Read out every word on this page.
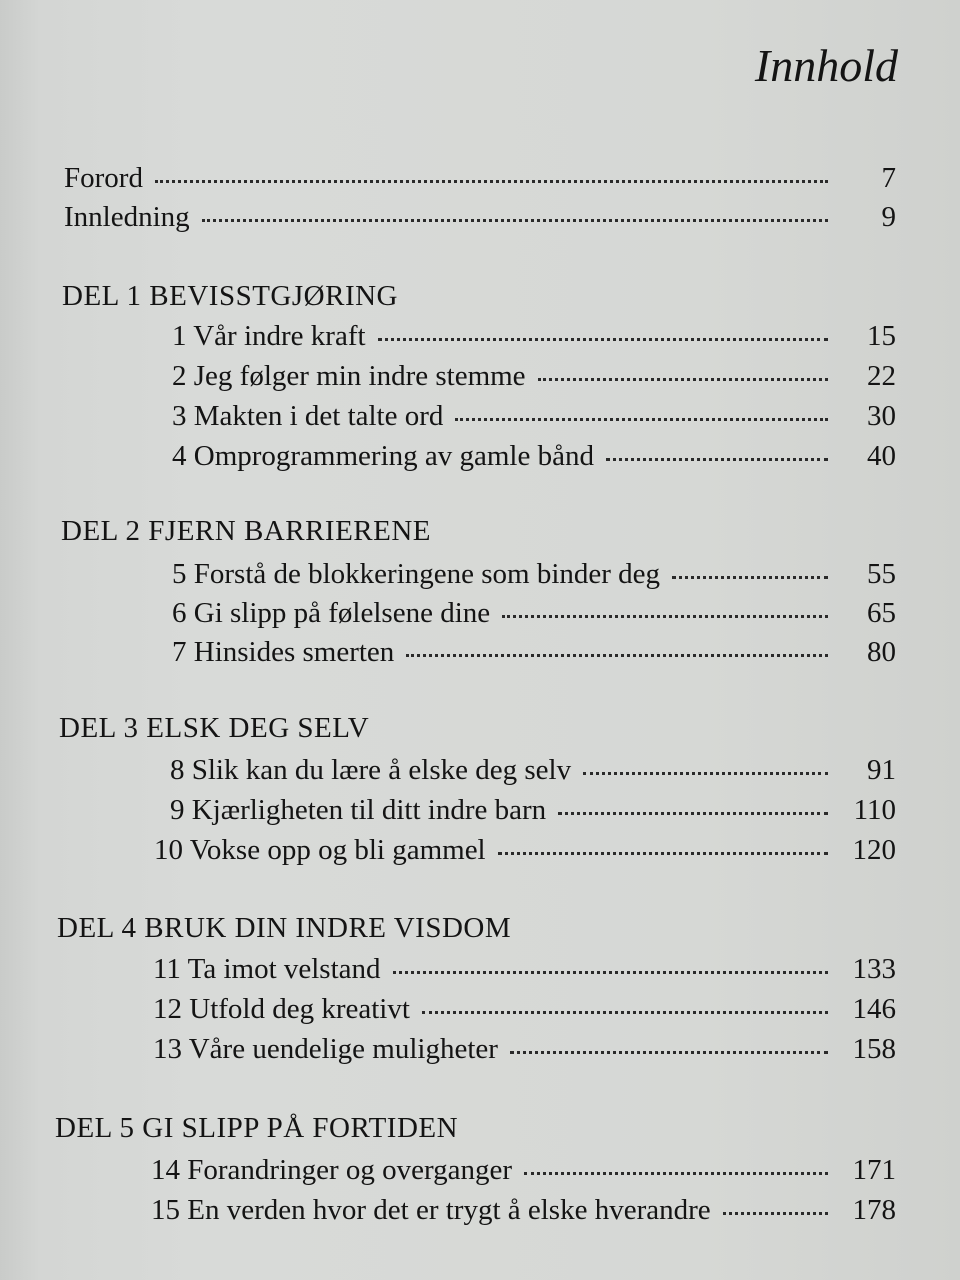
Innhold
Forord	7
Innledning	9
DEL 1 BEVISSTGJØRING
1 Vår indre kraft	15
2 Jeg følger min indre stemme	22
3 Makten i det talte ord	30
4 Omprogrammering av gamle bånd	40
DEL 2 FJERN BARRIERENE
5 Forstå de blokkeringene som binder deg	55
6 Gi slipp på følelsene dine	65
7 Hinsides smerten	80
DEL 3 ELSK DEG SELV
8 Slik kan du lære å elske deg selv	91
9 Kjærligheten til ditt indre barn	110
10 Vokse opp og bli gammel	120
DEL 4 BRUK DIN INDRE VISDOM
11 Ta imot velstand	133
12 Utfold deg kreativt	146
13 Våre uendelige muligheter	158
DEL 5 GI SLIPP PÅ FORTIDEN
14 Forandringer og overganger	171
15 En verden hvor det er trygt å elske hverandre	178
